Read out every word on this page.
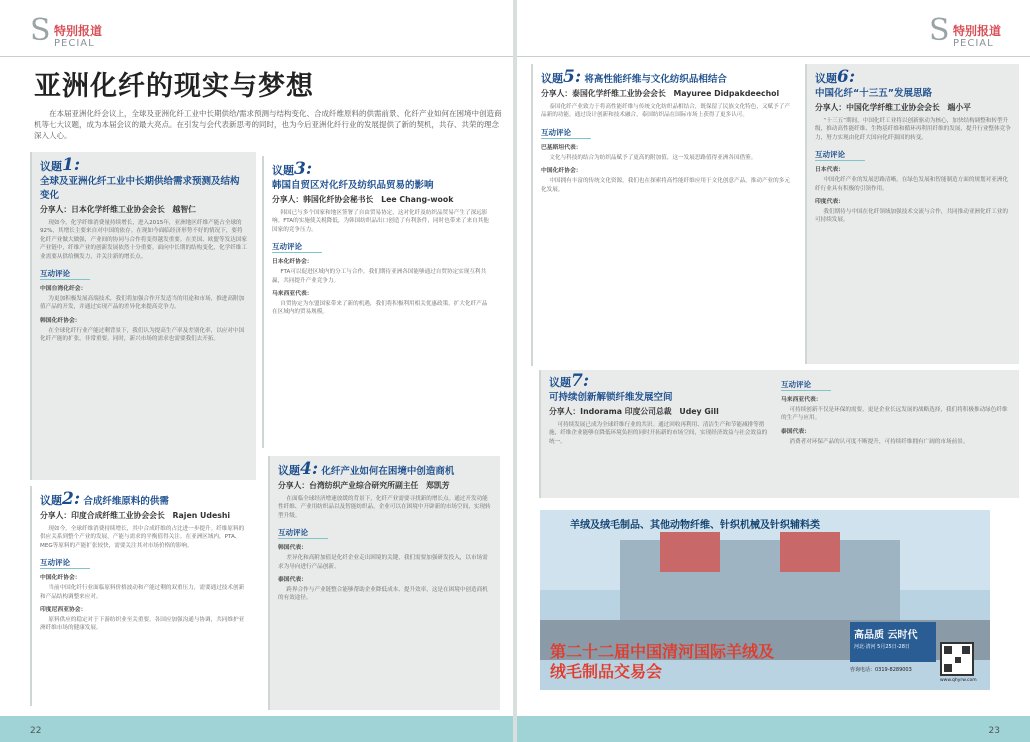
S 特别报道
PECIAL
亚洲化纤的现实与梦想
在本届亚洲化纤会议上，全球及亚洲化纤工业中长期供给/需求预测与结构变化、合成纤维原料的供需前景、化纤产业如何在困境中创造商机等七大议题，成为本届会议的最大亮点。在引发与会代表新思考的同时，也为今后亚洲化纤行业的发展提供了新的契机，共存、共荣的理念深入人心。
议题1:
全球及亚洲化纤工业中长期供给需求预测及结构变化
分享人：日本化学纤维工业协会会长　越智仁
现如今，化学纤维消费量持续增长，进入2015年，亚洲地区纤维产能占全球的92%，其增长主要来自对中国的依存。在现如今面临经济形势不好的情况下，要将化纤产业做大做强，产业间的协同与合作将变得越发重要。在美国、欧盟等发达国家产业链中，纤维产业的创新发展依然十分重要。面向中长期的结构变化，化学纤维工业需要从供给侧发力，并关注新的增长点。
互动评论
中国台湾化纤会：
为更加积极发展高端技术，我们将加强合作开发适当的用途和市场，推进高附加值产品的开发，并通过实现产品的差异化来提高竞争力。
韩国化纤协会：
在全球化纤行业产能过剩背景下，我们认为提高生产率及差别化率，以应对中国化纤产能的扩张，非常重要。同时，新兴市场的需求也需要我们去开拓。
议题2: 合成纤维原料的供需
分享人：印度合成纤维工业协会会长　Rajen Udeshi
现如今，全球纤维消费持续增长，其中合成纤维的占比进一步提升。纤维原料的供应关系到整个产业的发展，产能与需求的平衡值得关注。在亚洲区域内，PTA、MEG等原料的产能扩张较快，需要关注其对市场价格的影响。
互动评论
中国化纤协会：
当前中国化纤行业面临原料价格波动和产能过剩的双重压力，需要通过技术创新和产品结构调整来应对。
印度尼西亚协会：
原料供应的稳定对于下游纺织业至关重要，各国应加强沟通与协调，共同维护亚洲纤维市场的健康发展。
议题3:
韩国自贸区对化纤及纺织品贸易的影响
分享人：韩国化纤协会秘书长　Lee Chang-wook
韩国已与多个国家和地区签署了自由贸易协定，这对化纤及纺织品贸易产生了深远影响。FTA的实施使关税降低，为韩国纺织品出口创造了有利条件，同时也带来了来自其他国家的竞争压力。
互动评论
日本化纤协会：
FTA可以促进区域内的分工与合作，我们期待亚洲各国能够通过自贸协定实现互利共赢，共同提升产业竞争力。
马来西亚代表：
自贸协定为东盟国家带来了新的机遇，我们将积极利用相关优惠政策，扩大化纤产品在区域内的贸易规模。
议题4: 化纤产业如何在困境中创造商机
分享人：台湾纺织产业综合研究所副主任　郑凯芳
在面临全球经济增速放缓的背景下，化纤产业需要寻找新的增长点。通过开发功能性纤维、产业用纺织品以及智能纺织品，企业可以在困境中开辟新的市场空间，实现转型升级。
互动评论
韩国代表：
差异化和高附加值是化纤企业走出困境的关键，我们需要加强研发投入，以市场需求为导向进行产品创新。
泰国代表：
跨界合作与产业链整合能够帮助企业降低成本、提升效率，这是在困境中创造商机的有效途径。
22
S 特别报道
PECIAL
议题5: 将高性能纤维与文化纺织品相结合
分享人：泰国化学纤维工业协会会长　Mayuree Didpakdeechol
泰国化纤产业致力于将高性能纤维与传统文化纺织品相结合，既保留了民族文化特色，又赋予了产品新的功能。通过设计创新和技术融合，泰国纺织品在国际市场上获得了更多认可。
互动评论
巴基斯坦代表：
文化与科技的结合为纺织品赋予了更高的附加值，这一发展思路值得亚洲各国借鉴。
中国化纤协会：
中国拥有丰富的传统文化资源，我们也在探索将高性能纤维应用于文化创意产品，推动产业的多元化发展。
议题6:
中国化纤“十三五”发展思路
分享人：中国化学纤维工业协会会长　端小平
“十三五”期间，中国化纤工业将以创新驱动为核心，加快结构调整和转型升级，推动高性能纤维、生物基纤维和循环再利用纤维的发展，提升行业整体竞争力，努力实现由化纤大国向化纤强国的转变。
互动评论
日本代表：
中国化纤产业的发展思路清晰，在绿色发展和智能制造方面的规划对亚洲化纤行业具有积极的引领作用。
印度代表：
我们期待与中国在化纤领域加强技术交流与合作，共同推动亚洲化纤工业的可持续发展。
议题7:
可持续创新解锁纤维发展空间
分享人：Indorama 印度公司总裁　Udey Gill
可持续发展已成为全球纤维行业的共识。通过回收再利用、清洁生产和节能减排等措施，纤维企业能够在降低环境负担的同时开拓新的市场空间，实现经济效益与社会效益的统一。
互动评论
马来西亚代表：
可持续创新不仅是环保的需要，更是企业长远发展的战略选择，我们将积极推动绿色纤维的生产与应用。
泰国代表：
消费者对环保产品的认可度不断提升，可持续纤维拥有广阔的市场前景。
23
羊绒及绒毛制品、其他动物纤维、针织机械及针织辅料类
第二十二届中国清河国际羊绒及
绒毛制品交易会
高品质 云时代
河北·清河 5月25日-28日
咨询电话：0319-8289003
www.qhyrw.com
